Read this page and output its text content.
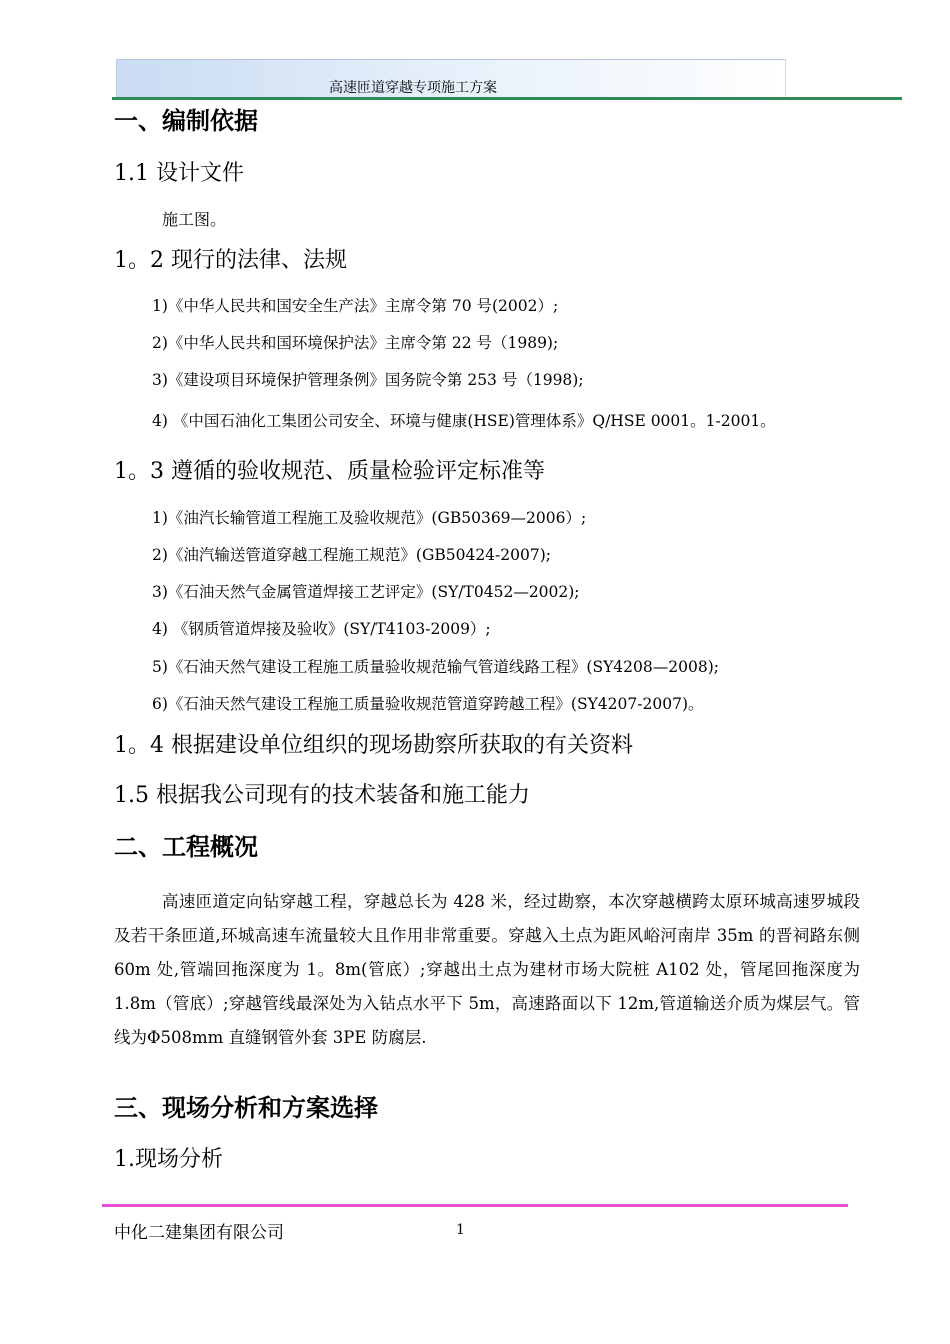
高速匝道穿越专项施工方案
一、编制依据
1.1 设计文件
施工图。
1。2 现行的法律、法规
1)《中华人民共和国安全生产法》主席令第 70 号(2002）;
2)《中华人民共和国环境保护法》主席令第 22 号（1989);
3)《建设项目环境保护管理条例》国务院令第 253 号（1998);
4) 《中国石油化工集团公司安全、环境与健康(HSE)管理体系》Q/HSE 0001。1-2001。
1。3 遵循的验收规范、质量检验评定标准等
1)《油汽长输管道工程施工及验收规范》(GB50369—2006）;
2)《油汽输送管道穿越工程施工规范》(GB50424-2007);
3)《石油天然气金属管道焊接工艺评定》(SY/T0452—2002);
4) 《钢质管道焊接及验收》(SY/T4103-2009）;
5)《石油天然气建设工程施工质量验收规范输气管道线路工程》(SY4208—2008);
6)《石油天然气建设工程施工质量验收规范管道穿跨越工程》(SY4207-2007)。
1。4 根据建设单位组织的现场勘察所获取的有关资料
1.5 根据我公司现有的技术装备和施工能力
二、工程概况
高速匝道定向钻穿越工程，穿越总长为 428 米，经过勘察，本次穿越横跨太原环城高速罗城段及若干条匝道,环城高速车流量较大且作用非常重要。穿越入土点为距风峪河南岸 35m 的晋祠路东侧 60m 处,管端回拖深度为 1。8m(管底）;穿越出土点为建材市场大院桩 A102 处，管尾回拖深度为 1.8m（管底）;穿越管线最深处为入钻点水平下 5m，高速路面以下 12m,管道输送介质为煤层气。管线为Φ508mm 直缝钢管外套 3PE 防腐层.
三、现场分析和方案选择
1.现场分析
中化二建集团有限公司	1
